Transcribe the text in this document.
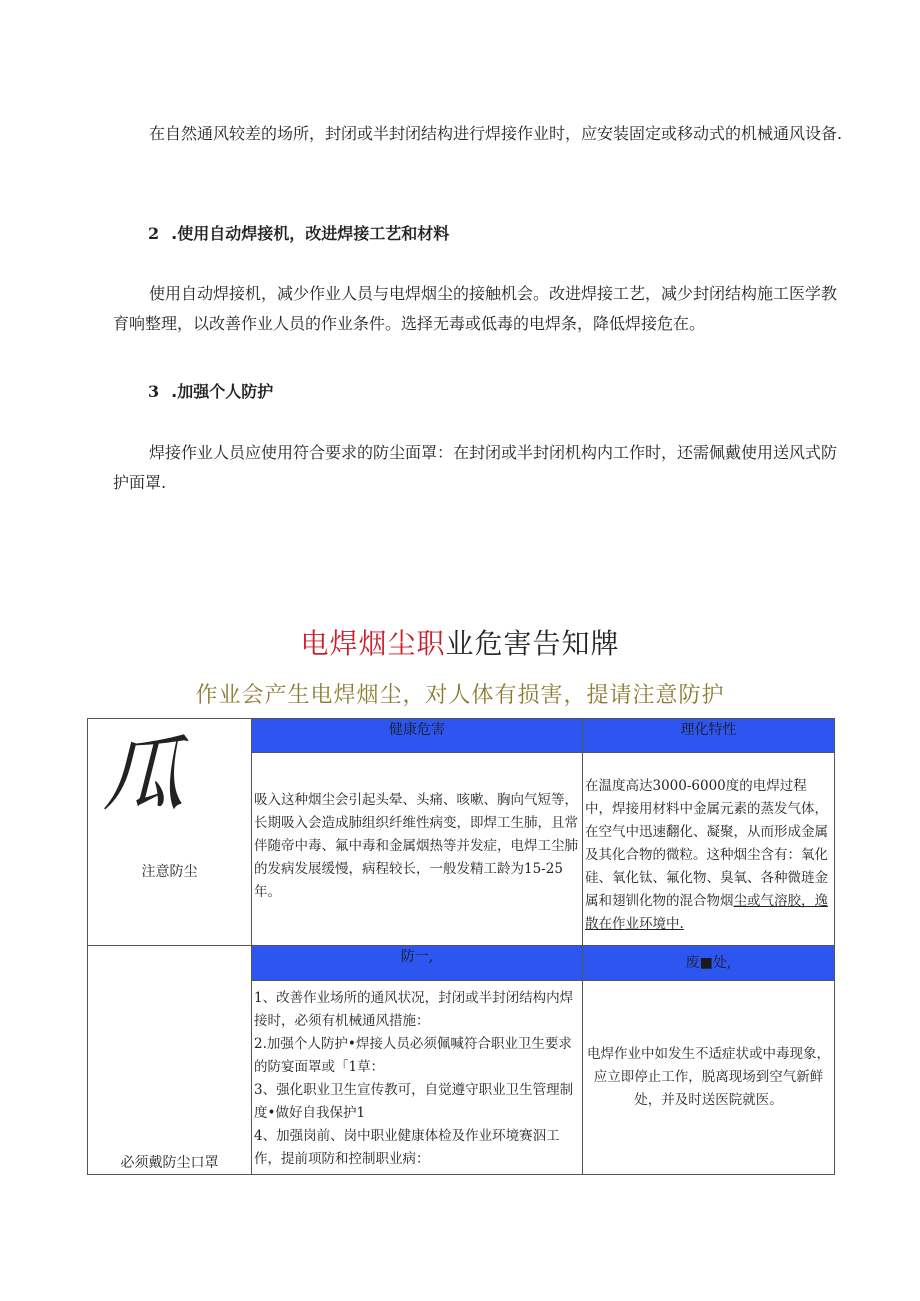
在自然通风较差的场所，封闭或半封闭结构进行焊接作业时，应安装固定或移动式的机械通风设备.

2 .使用自动焊接机，改进焊接工艺和材料

使用自动焊接机，减少作业人员与电焊烟尘的接触机会。改进焊接工艺，减少封闭结构施工医学教育响整理，以改善作业人员的作业条件。选择无毒或低毒的电焊条，降低焊接危在。

3 .加强个人防护

焊接作业人员应使用符合要求的防尘面罩：在封闭或半封闭机构内工作时，还需佩戴使用送风式防护面罩.

电焊烟尘职业危害告知牌
作业会产生电焊烟尘，对人体有损害，提请注意防护
瓜
注意防尘	健康危害	理化特性

	吸入这种烟尘会引起头晕、头痛、咳嗽、胸向气短等，长期吸入会造成肺组织纤维性病变，即焊工生肺，且常伴随帝中毒、氟中毒和金属烟热等并发症，电焊工尘肺的发病发展缓慢，病程较长，一般发精工龄为15-25年。	在温度高达3000-6000度的电焊过程中，焊接用材料中金属元素的蒸发气体，在空气中迅速翻化、凝聚，从而形成金属及其化合物的微粒。这种烟尘含有：氧化硅、氧化钛、氟化物、臭氧、各种微琏金属和翅钏化物的混合物烟尘或气溶胶，逸散在作业环境中.

必须戴防尘口罩	防一,	废■处,

	1、改善作业场所的通风状况，封闭或半封闭结构内焊接时，必须有机械通风措施：
2.加强个人防护•焊接人员必须佩喊符合职业卫生要求的防宴面罩或「1草：
3、强化职业卫生宣传教可，自觉遵守职业卫生管理制度•做好自我保护1
4、加强岗前、岗中职业健康体检及作业环境赛泅工作，提前项防和控制职业病：	电焊作业中如发生不适症状或中毒现象，应立即停止工作，脱离现场到空气新鲜处，并及时送医院就医。
